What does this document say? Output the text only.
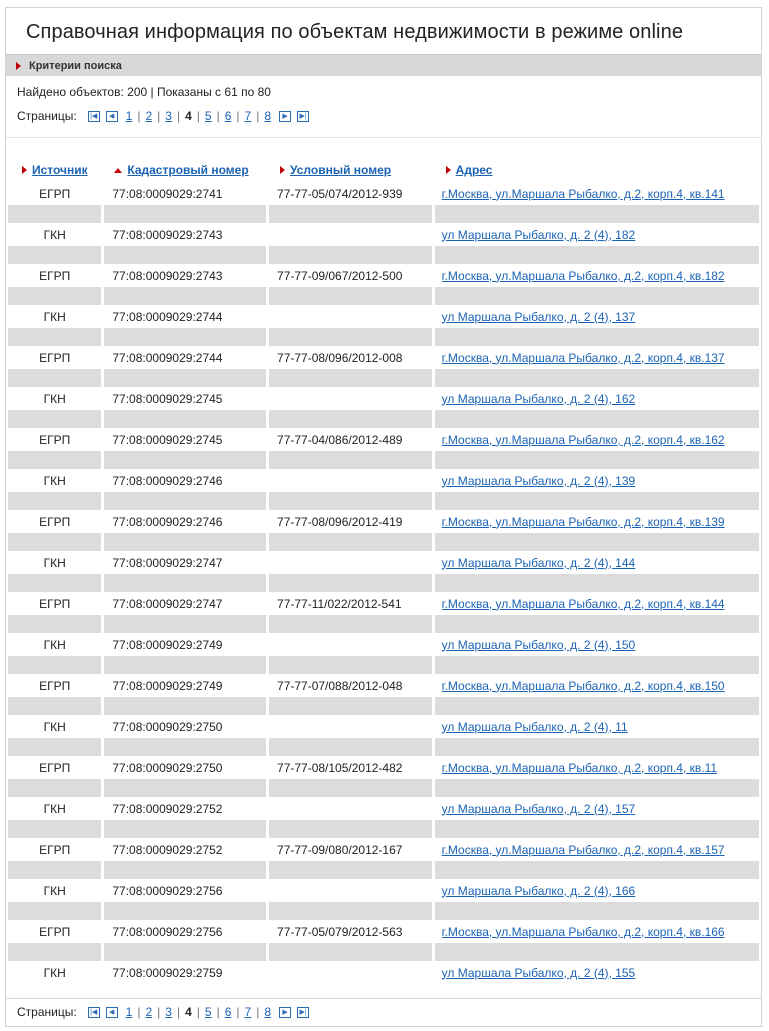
Справочная информация по объектам недвижимости в режиме online
Критерии поиска
Найдено объектов: 200 | Показаны с 61 по 80
Страницы:	|◀	◀ 1 | 2 | 3 | 4 | 5 | 6 | 7 | 8	▶	▶|
Источник	Кадастровый номер	Условный номер	Адрес
ЕГРП	77:08:0009029:2741	77-77-05/074/2012-939	г.Москва, ул.Маршала Рыбалко, д.2, корп.4, кв.141

ГКН	77:08:0009029:2743		ул Маршала Рыбалко, д. 2 (4), 182

ЕГРП	77:08:0009029:2743	77-77-09/067/2012-500	г.Москва, ул.Маршала Рыбалко, д.2, корп.4, кв.182

ГКН	77:08:0009029:2744		ул Маршала Рыбалко, д. 2 (4), 137

ЕГРП	77:08:0009029:2744	77-77-08/096/2012-008	г.Москва, ул.Маршала Рыбалко, д.2, корп.4, кв.137

ГКН	77:08:0009029:2745		ул Маршала Рыбалко, д. 2 (4), 162

ЕГРП	77:08:0009029:2745	77-77-04/086/2012-489	г.Москва, ул.Маршала Рыбалко, д.2, корп.4, кв.162

ГКН	77:08:0009029:2746		ул Маршала Рыбалко, д. 2 (4), 139

ЕГРП	77:08:0009029:2746	77-77-08/096/2012-419	г.Москва, ул.Маршала Рыбалко, д.2, корп.4, кв.139

ГКН	77:08:0009029:2747		ул Маршала Рыбалко, д. 2 (4), 144

ЕГРП	77:08:0009029:2747	77-77-11/022/2012-541	г.Москва, ул.Маршала Рыбалко, д.2, корп.4, кв.144

ГКН	77:08:0009029:2749		ул Маршала Рыбалко, д. 2 (4), 150

ЕГРП	77:08:0009029:2749	77-77-07/088/2012-048	г.Москва, ул.Маршала Рыбалко, д.2, корп.4, кв.150

ГКН	77:08:0009029:2750		ул Маршала Рыбалко, д. 2 (4), 11

ЕГРП	77:08:0009029:2750	77-77-08/105/2012-482	г.Москва, ул.Маршала Рыбалко, д.2, корп.4, кв.11

ГКН	77:08:0009029:2752		ул Маршала Рыбалко, д. 2 (4), 157

ЕГРП	77:08:0009029:2752	77-77-09/080/2012-167	г.Москва, ул.Маршала Рыбалко, д.2, корп.4, кв.157

ГКН	77:08:0009029:2756		ул Маршала Рыбалко, д. 2 (4), 166

ЕГРП	77:08:0009029:2756	77-77-05/079/2012-563	г.Москва, ул.Маршала Рыбалко, д.2, корп.4, кв.166

ГКН	77:08:0009029:2759		ул Маршала Рыбалко, д. 2 (4), 155
Страницы:	|◀	◀ 1 | 2 | 3 | 4 | 5 | 6 | 7 | 8	▶	▶|
